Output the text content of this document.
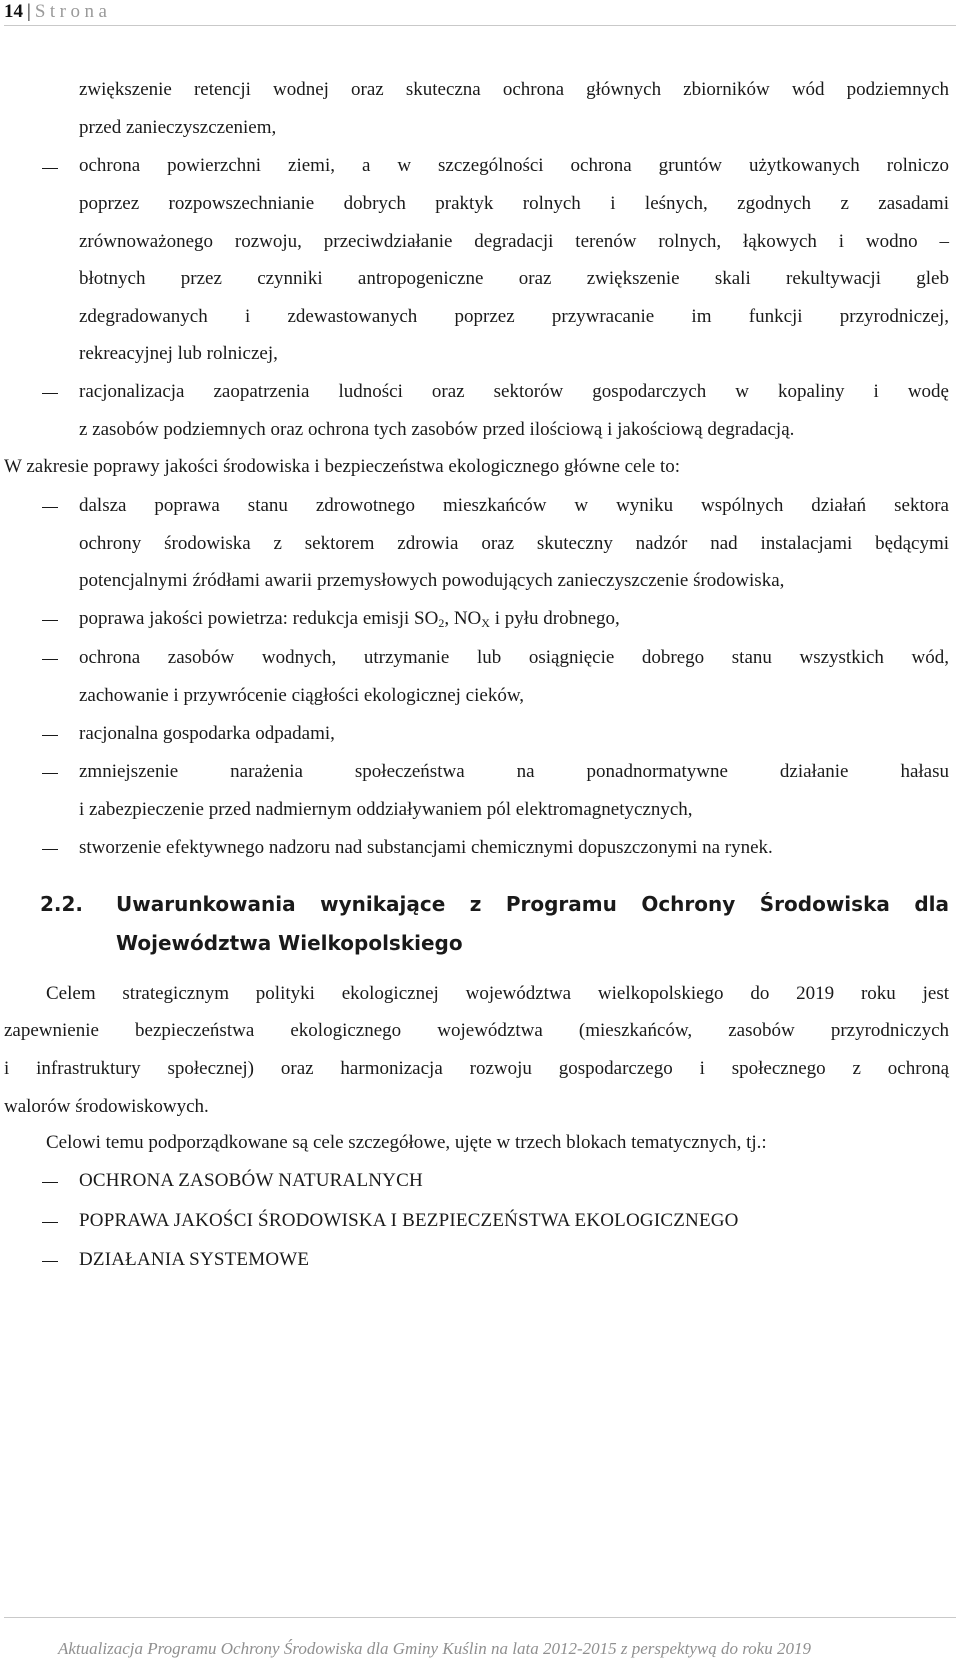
14 | Strona
zwiększenie retencji wodnej oraz skuteczna ochrona głównych zbiorników wód podziemnych
przed zanieczyszczeniem,
ochrona powierzchni ziemi, a w szczególności ochrona gruntów użytkowanych rolniczo
poprzez rozpowszechnianie dobrych praktyk rolnych i leśnych, zgodnych z zasadami
zrównoważonego rozwoju, przeciwdziałanie degradacji terenów rolnych, łąkowych i wodno –
błotnych przez czynniki antropogeniczne oraz zwiększenie skali rekultywacji gleb
zdegradowanych i zdewastowanych poprzez przywracanie im funkcji przyrodniczej,
rekreacyjnej lub rolniczej,
racjonalizacja zaopatrzenia ludności oraz sektorów gospodarczych w kopaliny i wodę
z zasobów podziemnych oraz ochrona tych zasobów przed ilościową i jakościową degradacją.
W zakresie poprawy jakości środowiska i bezpieczeństwa ekologicznego główne cele to:
dalsza poprawa stanu zdrowotnego mieszkańców w wyniku wspólnych działań sektora
ochrony środowiska z sektorem zdrowia oraz skuteczny nadzór nad instalacjami będącymi
potencjalnymi źródłami awarii przemysłowych powodujących zanieczyszczenie środowiska,
poprawa jakości powietrza: redukcja emisji $SO_2$, $NO_X$ i pyłu drobnego,
ochrona zasobów wodnych, utrzymanie lub osiągnięcie dobrego stanu wszystkich wód,
zachowanie i przywrócenie ciągłości ekologicznej cieków,
racjonalna gospodarka odpadami,
zmniejszenie narażenia społeczeństwa na ponadnormatywne działanie hałasu
i zabezpieczenie przed nadmiernym oddziaływaniem pól elektromagnetycznych,
stworzenie efektywnego nadzoru nad substancjami chemicznymi dopuszczonymi na rynek.
2.2. Uwarunkowania wynikające z Programu Ochrony Środowiska dla
Województwa Wielkopolskiego
Celem strategicznym polityki ekologicznej województwa wielkopolskiego do 2019 roku jest
zapewnienie bezpieczeństwa ekologicznego województwa (mieszkańców, zasobów przyrodniczych
i infrastruktury społecznej) oraz harmonizacja rozwoju gospodarczego i społecznego z ochroną
walorów środowiskowych.
Celowi temu podporządkowane są cele szczegółowe, ujęte w trzech blokach tematycznych, tj.:
OCHRONA ZASOBÓW NATURALNYCH
POPRAWA JAKOŚCI ŚRODOWISKA I BEZPIECZEŃSTWA EKOLOGICZNEGO
DZIAŁANIA SYSTEMOWE
Aktualizacja Programu Ochrony Środowiska dla Gminy Kuślin na lata 2012-2015 z perspektywą do roku 2019
